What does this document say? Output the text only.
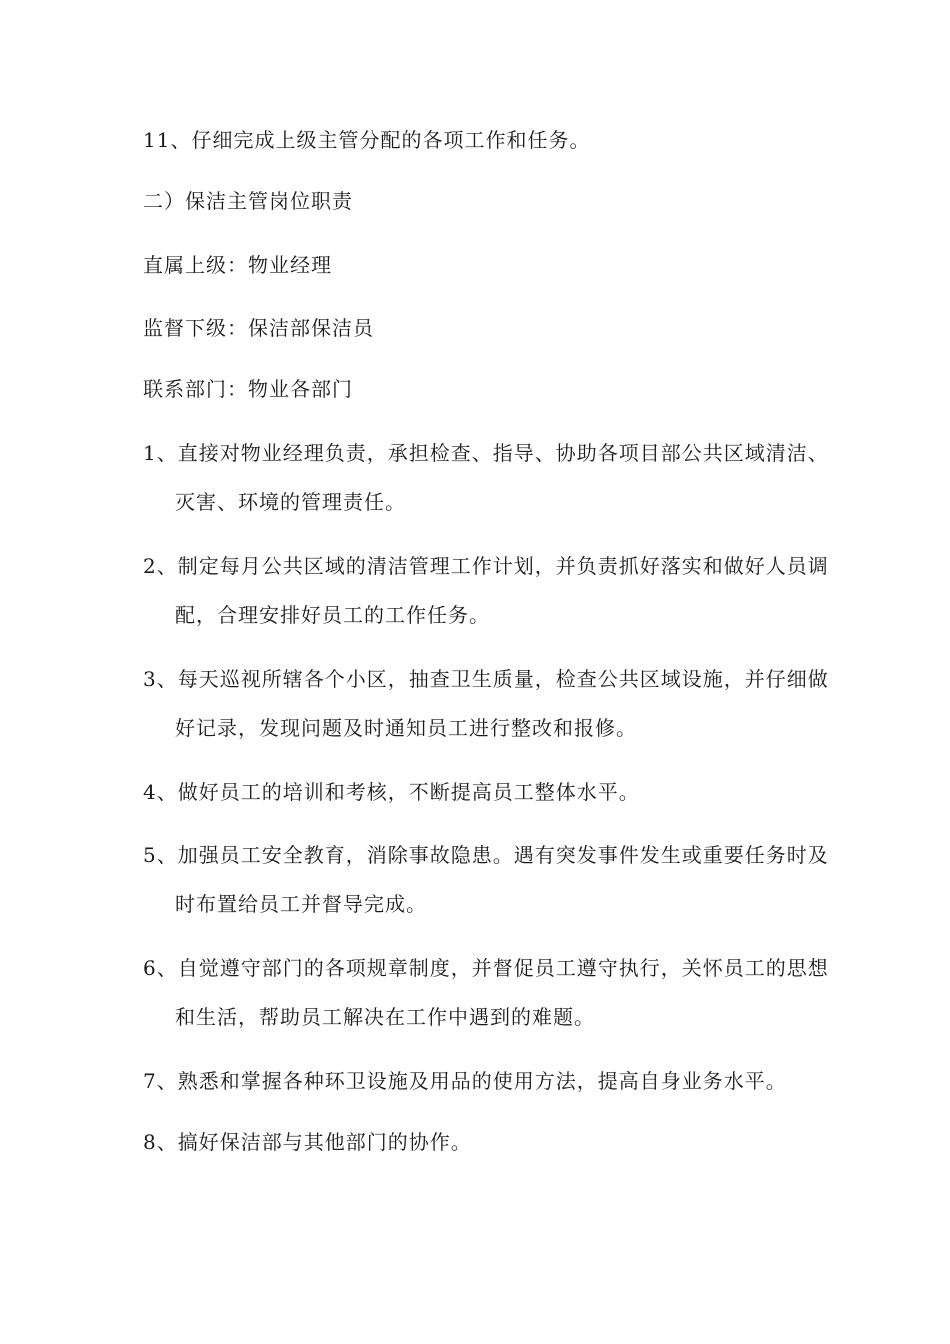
11、仔细完成上级主管分配的各项工作和任务。
二）保洁主管岗位职责
直属上级：物业经理
监督下级：保洁部保洁员
联系部门：物业各部门
1、直接对物业经理负责，承担检查、指导、协助各项目部公共区域清洁、
灭害、环境的管理责任。
2、制定每月公共区域的清洁管理工作计划，并负责抓好落实和做好人员调
配，合理安排好员工的工作任务。
3、每天巡视所辖各个小区，抽查卫生质量，检查公共区域设施，并仔细做
好记录，发现问题及时通知员工进行整改和报修。
4、做好员工的培训和考核，不断提高员工整体水平。
5、加强员工安全教育，消除事故隐患。遇有突发事件发生或重要任务时及
时布置给员工并督导完成。
6、自觉遵守部门的各项规章制度，并督促员工遵守执行，关怀员工的思想
和生活，帮助员工解决在工作中遇到的难题。
7、熟悉和掌握各种环卫设施及用品的使用方法，提高自身业务水平。
8、搞好保洁部与其他部门的协作。
